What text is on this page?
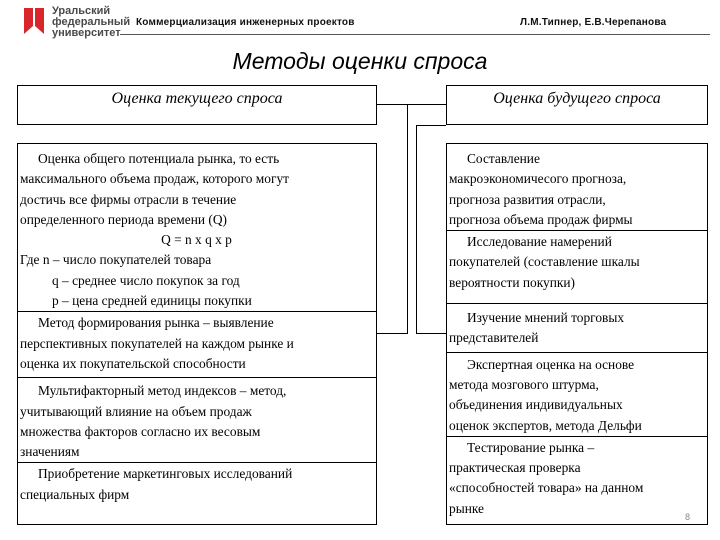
Уральский
федеральный
университет
Коммерциализация инженерных проектов	Л.М.Типнер, Е.В.Черепанова
Методы оценки спроса
Оценка текущего спроса	Оценка будущего спроса

Оценка общего потенциала рынка, то есть

максимального объема продаж, которого могут

достичь все фирмы отрасли в течение

определенного периода времени (Q)

Q = n x q x p

Где n – число покупателей товара

q – среднее число покупок за год

p – цена средней единицы покупки

Метод формирования рынка – выявление

перспективных покупателей на каждом рынке и

оценка их покупательской способности

Мультифакторный метод индексов – метод,

учитывающий влияние на объем продаж

множества факторов согласно их весовым

значениям

Приобретение маркетинговых исследований

специальных фирм

Составление

макроэкономичесого прогноза,

прогноза развития отрасли,

прогноза объема продаж фирмы

Исследование намерений

покупателей (составление шкалы

вероятности покупки)

Изучение мнений торговых

представителей

Экспертная оценка на основе

метода мозгового штурма,

объединения индивидуальных

оценок экспертов, метода Дельфи

Тестирование рынка –

практическая проверка

«способностей товара» на данном

рынке

8
